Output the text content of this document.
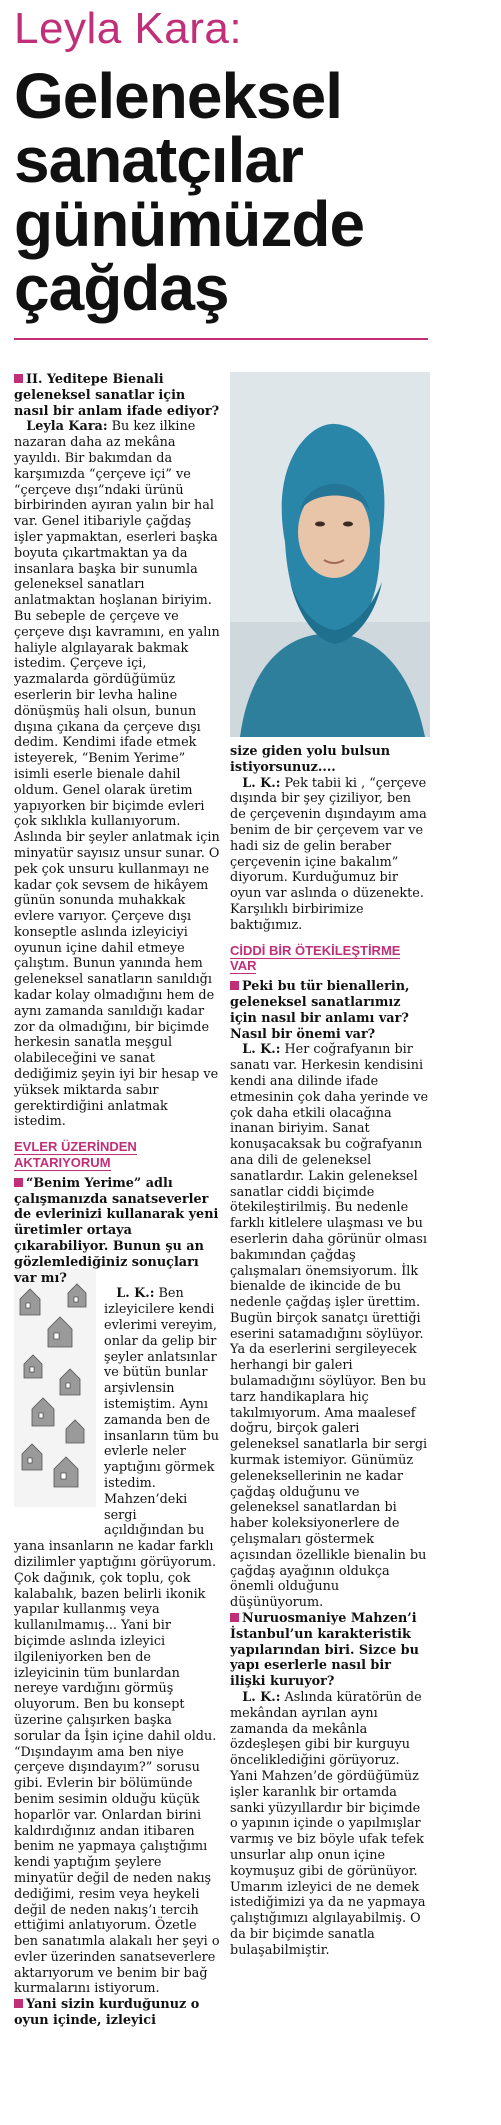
Leyla Kara:
Geleneksel
sanatçılar
günümüzde
çağdaş
Leyla Kara

II. Yeditepe Bienali geleneksel sanatlar için nasıl bir anlam ifade ediyor?

Leyla Kara: Bu kez ilkine nazaran daha az mekâna yayıldı. Bir bakımdan da karşımızda “çerçeve içi” ve “çerçeve dışı”ndaki ürünü birbirinden ayıran yalın bir hal var. Genel itibariyle çağdaş işler yapmaktan, eserleri başka boyuta çıkartmaktan ya da insanlara başka bir sunumla geleneksel sanatları anlatmaktan hoşlanan biriyim. Bu sebeple de çerçeve ve çerçeve dışı kavramını, en yalın haliyle algılayarak bakmak istedim. Çerçeve içi, yazmalarda gördüğümüz eserlerin bir levha haline dönüşmüş hali olsun, bunun dışına çıkana da çerçeve dışı dedim. Kendimi ifade etmek isteyerek, “Benim Yerime” isimli eserle bienale dahil oldum. Genel olarak üretim yapıyorken bir biçimde evleri çok sıklıkla kullanıyorum. Aslında bir şeyler anlatmak için minyatür sayısız unsur sunar. O pek çok unsuru kullanmayı ne kadar çok sevsem de hikâyem günün sonunda muhakkak evlere varıyor. Çerçeve dışı konseptle aslında izleyiciyi oyunun içine dahil etmeye çalıştım. Bunun yanında hem geleneksel sanatların sanıldığı kadar kolay olmadığını hem de aynı zamanda sanıldığı kadar zor da olmadığını, bir biçimde herkesin sanatla meşgul olabileceğini ve sanat dediğimiz şeyin iyi bir hesap ve yüksek miktarda sabır gerektirdiğini anlatmak istedim.

EVLER ÜZERİNDEN AKTARIYORUM

“Benim Yerime” adlı çalışmanızda sanatseverler de evlerinizi kullanarak yeni üretimler ortaya çıkarabiliyor. Bunun şu an gözlemlediğiniz sonuçları var mı?

L. K.: Ben izleyicilere kendi evlerimi vereyim, onlar da gelip bir şeyler anlatsınlar ve bütün bunlar arşivlensin istemiştim. Aynı zamanda ben de insanların tüm bu evlerle neler yaptığını görmek istedim. Mahzen’deki sergi açıldığından bu yana insanların ne kadar farklı dizilimler yaptığını görüyorum. Çok dağınık, çok toplu, çok kalabalık, bazen belirli ikonik yapılar kullanmış veya kullanılmamış... Yani bir biçimde aslında izleyici ilgileniyorken ben de izleyicinin tüm bunlardan nereye vardığını görmüş oluyorum. Ben bu konsept üzerine çalışırken başka sorular da İşin içine dahil oldu. “Dışındayım ama ben niye çerçeve dışındayım?” sorusu gibi. Evlerin bir bölümünde benim sesimin olduğu küçük hoparlör var. Onlardan birini kaldırdığınız andan itibaren benim ne yapmaya çalıştığımı kendi yaptığım şeylere minyatür değil de neden nakış dediğimi, resim veya heykeli değil de neden nakış’ı tercih ettiğimi anlatıyorum. Özetle ben sanatımla alakalı her şeyi o evler üzerinden sanatseverlere aktarıyorum ve benim bir bağ kurmalarını istiyorum.

Yani sizin kurduğunuz o oyun içinde, izleyici

size giden yolu bulsun istiyorsunuz....

L. K.: Pek tabii ki , “çerçeve dışında bir şey çiziliyor, ben de çerçevenin dışındayım ama benim de bir çerçevem var ve hadi siz de gelin beraber çerçevenin içine bakalım” diyorum. Kurduğumuz bir oyun var aslında o düzenekte. Karşılıklı birbirimize baktığımız.

CİDDİ BİR ÖTEKİLEŞTİRME VAR

Peki bu tür bienallerin, geleneksel sanatlarımız için nasıl bir anlamı var? Nasıl bir önemi var?

L. K.: Her coğrafyanın bir sanatı var. Herkesin kendisini kendi ana dilinde ifade etmesinin çok daha yerinde ve çok daha etkili olacağına inanan biriyim. Sanat konuşacaksak bu coğrafyanın ana dili de geleneksel sanatlardır. Lakin geleneksel sanatlar ciddi biçimde ötekileştirilmiş. Bu nedenle farklı kitlelere ulaşması ve bu eserlerin daha görünür olması bakımından çağdaş çalışmaları önemsiyorum. İlk bienalde de ikincide de bu nedenle çağdaş işler ürettim. Bugün birçok sanatçı ürettiği eserini satamadığını söylüyor. Ya da eserlerini sergileyecek herhangi bir galeri bulamadığını söylüyor. Ben bu tarz handikaplara hiç takılmıyorum. Ama maalesef doğru, birçok galeri geleneksel sanatlarla bir sergi kurmak istemiyor. Günümüz geleneksellerinin ne kadar çağdaş olduğunu ve geleneksel sanatlardan bi haber koleksiyonerlere de çelışmaları göstermek açısından özellikle bienalin bu çağdaş ayağının oldukça önemli olduğunu düşünüyorum.

Nuruosmaniye Mahzen’i İstanbul’un karakteristik yapılarından biri. Sizce bu yapı eserlerle nasıl bir ilişki kuruyor?

L. K.: Aslında küratörün de mekândan ayrılan aynı zamanda da mekânla özdeşleşen gibi bir kurguyu öncelikledi̇ğini görüyoruz. Yani Mahzen’de gördüğümüz işler karanlık bir ortamda sanki yüzyıllardır bir biçimde o yapının içinde o yapılmışlar varmış ve biz böyle ufak tefek unsurlar alıp onun içine koymuşuz gibi de görünüyor. Umarım izleyici de ne demek istediğimizi ya da ne yapmaya çalıştığımızı algılayabilmiş. O da bir biçimde sanatla bulaşabilmiştir.
